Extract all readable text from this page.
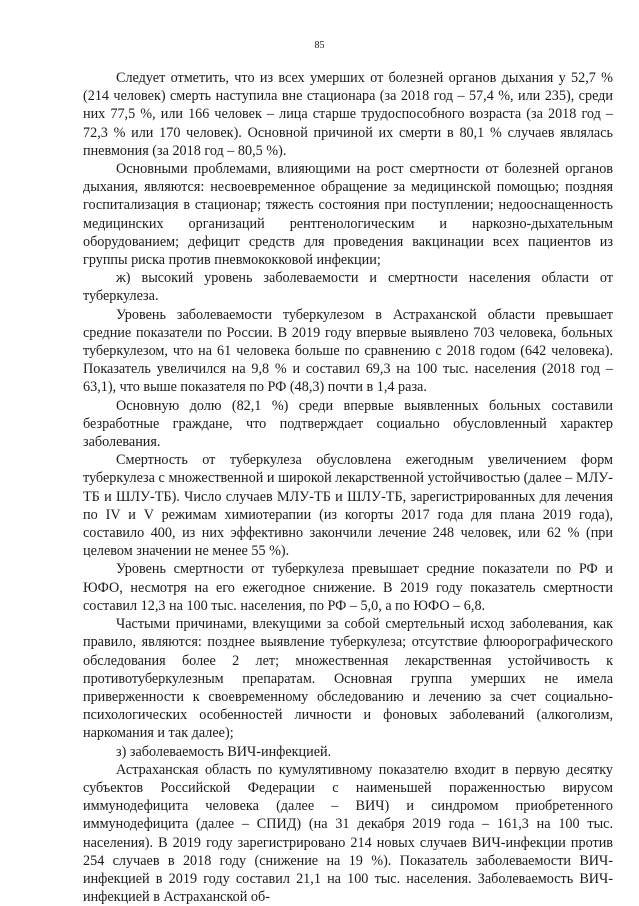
85

Следует отметить, что из всех умерших от болезней органов дыхания у 52,7 % (214 человек) смерть наступила вне стационара (за 2018 год – 57,4 %, или 235), среди них 77,5 %, или 166 человек – лица старше трудоспособного возраста (за 2018 год – 72,3 % или 170 человек). Основной причиной их смерти в 80,1 % случаев являлась пневмония (за 2018 год – 80,5 %).

Основными проблемами, влияющими на рост смертности от болезней органов дыхания, являются: несвоевременное обращение за медицинской помощью; поздняя госпитализация в стационар; тяжесть состояния при поступлении; недооснащенность медицинских организаций рентгенологическим и наркозно-дыхательным оборудованием; дефицит средств для проведения вакцинации всех пациентов из группы риска против пневмококковой инфекции;

ж) высокий уровень заболеваемости и смертности населения области от туберкулеза.

Уровень заболеваемости туберкулезом в Астраханской области превышает средние показатели по России. В 2019 году впервые выявлено 703 человека, больных туберкулезом, что на 61 человека больше по сравнению с 2018 годом (642 человека). Показатель увеличился на 9,8 % и составил 69,3 на 100 тыс. населения (2018 год – 63,1), что выше показателя по РФ (48,3) почти в 1,4 раза.

Основную долю (82,1 %) среди впервые выявленных больных составили безработные граждане, что подтверждает социально обусловленный характер заболевания.

Смертность от туберкулеза обусловлена ежегодным увеличением форм туберкулеза с множественной и широкой лекарственной устойчивостью (далее – МЛУ-ТБ и ШЛУ-ТБ). Число случаев МЛУ-ТБ и ШЛУ-ТБ, зарегистрированных для лечения по IV и V режимам химиотерапии (из когорты 2017 года для плана 2019 года), составило 400, из них эффективно закончили лечение 248 человек, или 62 % (при целевом значении не менее 55 %).

Уровень смертности от туберкулеза превышает средние показатели по РФ и ЮФО, несмотря на его ежегодное снижение. В 2019 году показатель смертности составил 12,3 на 100 тыс. населения, по РФ – 5,0, а по ЮФО – 6,8.

Частыми причинами, влекущими за собой смертельный исход заболевания, как правило, являются: позднее выявление туберкулеза; отсутствие флюорографического обследования более 2 лет; множественная лекарственная устойчивость к противотуберкулезным препаратам. Основная группа умерших не имела приверженности к своевременному обследованию и лечению за счет социально-психологических особенностей личности и фоновых заболеваний (алкоголизм, наркомания и так далее);

з) заболеваемость ВИЧ-инфекцией.

Астраханская область по кумулятивному показателю входит в первую десятку субъектов Российской Федерации с наименьшей пораженностью вирусом иммунодефицита человека (далее – ВИЧ) и синдромом приобретенного иммунодефицита (далее – СПИД) (на 31 декабря 2019 года – 161,3 на 100 тыс. населения). В 2019 году зарегистрировано 214 новых случаев ВИЧ-инфекции против 254 случаев в 2018 году (снижение на 19 %). Показатель заболеваемости ВИЧ-инфекцией в 2019 году составил 21,1 на 100 тыс. населения. Заболеваемость ВИЧ-инфекцией в Астраханской об-
